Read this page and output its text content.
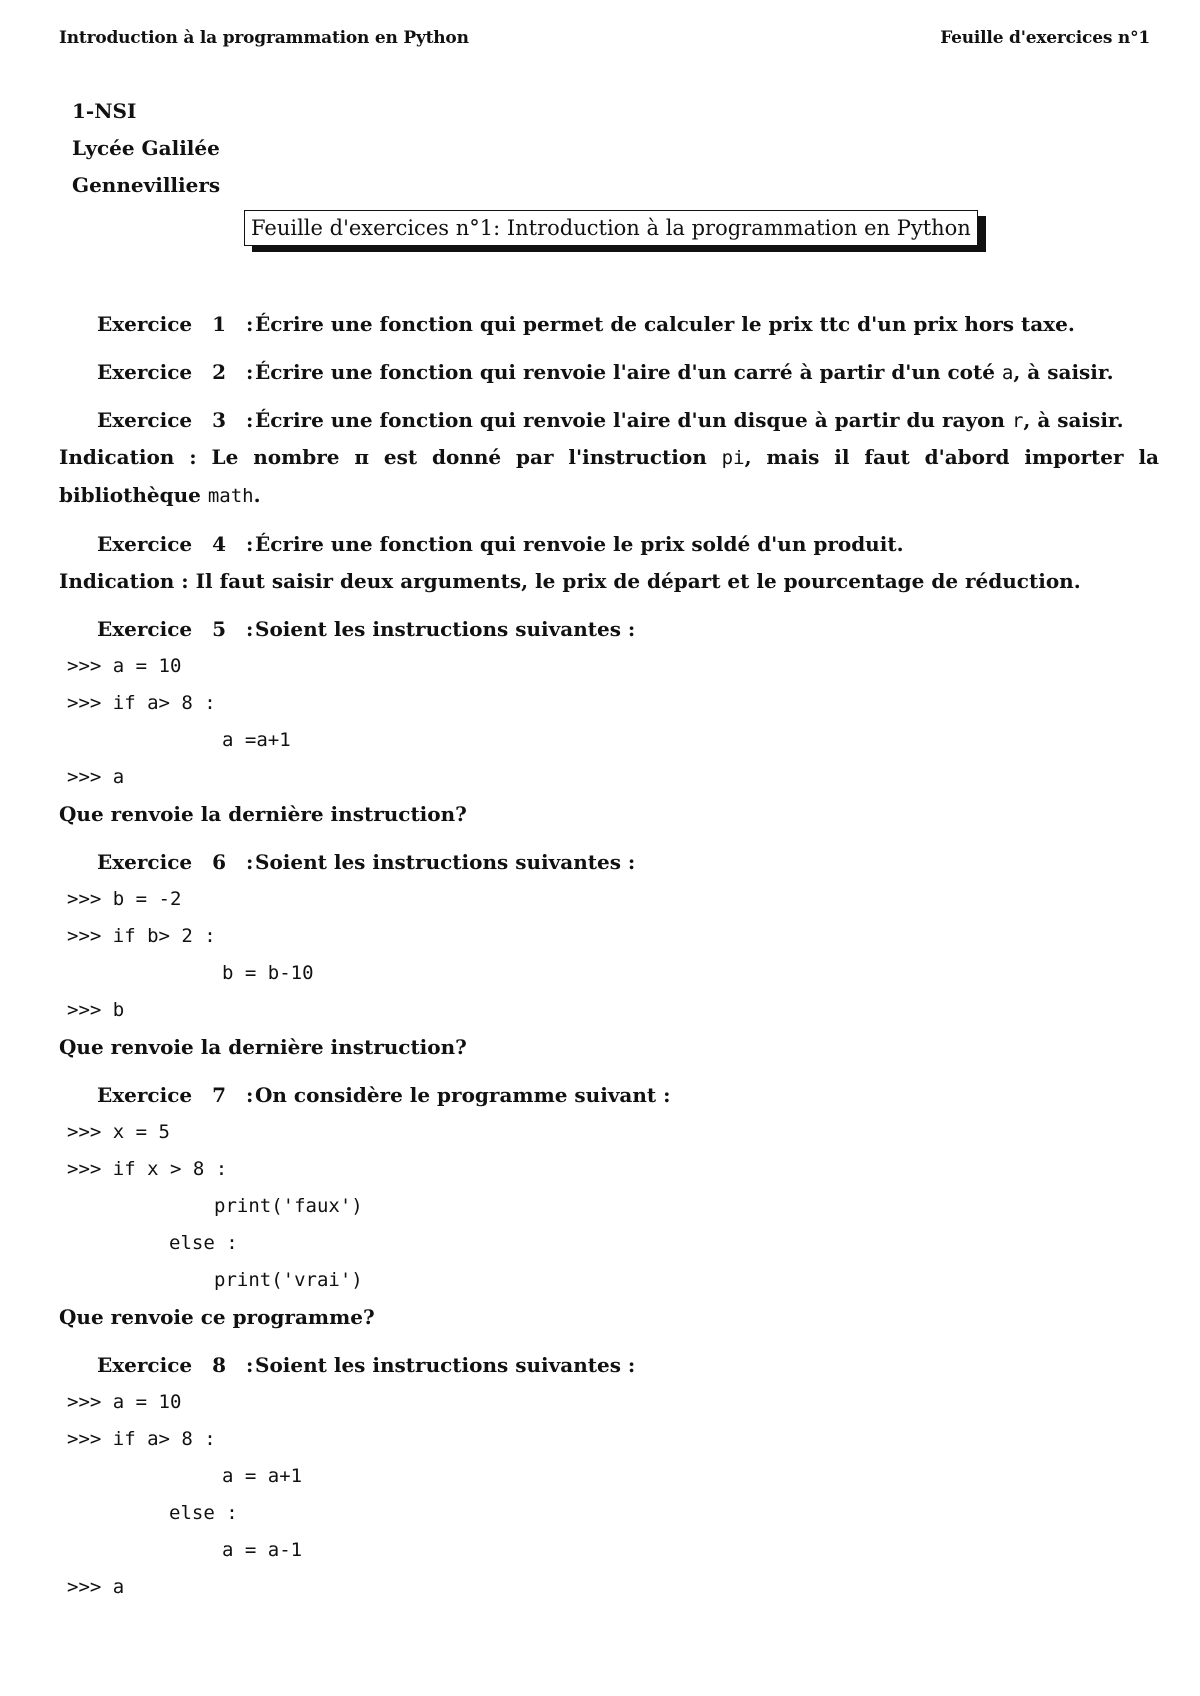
Introduction à la programmation en Python	Feuille d'exercices n°1
1-NSI
Lycée Galilée
Gennevilliers
Feuille d'exercices n°1: Introduction à la programmation en Python
Exercice 1 :Écrire une fonction qui permet de calculer le prix ttc d'un prix hors taxe.
Exercice 2 :Écrire une fonction qui renvoie l'aire d'un carré à partir d'un coté a, à saisir.
Exercice 3 :Écrire une fonction qui renvoie l'aire d'un disque à partir du rayon r, à saisir.
Indication : Le nombre π est donné par l'instruction pi, mais il faut d'abord importer la bibliothèque math.
Exercice 4 :Écrire une fonction qui renvoie le prix soldé d'un produit.
Indication : Il faut saisir deux arguments, le prix de départ et le pourcentage de réduction.
Exercice 5 :Soient les instructions suivantes :
>>> a = 10
>>> if a> 8 :
a =a+1
>>> a
Que renvoie la dernière instruction?
Exercice 6 :Soient les instructions suivantes :
>>> b = -2
>>> if b> 2 :
b = b-10
>>> b
Que renvoie la dernière instruction?
Exercice 7 :On considère le programme suivant :
>>> x = 5
>>> if x > 8 :
print('faux')
else :
print('vrai')
Que renvoie ce programme?
Exercice 8 :Soient les instructions suivantes :
>>> a = 10
>>> if a> 8 :
a = a+1
else :
a = a-1
>>> a
